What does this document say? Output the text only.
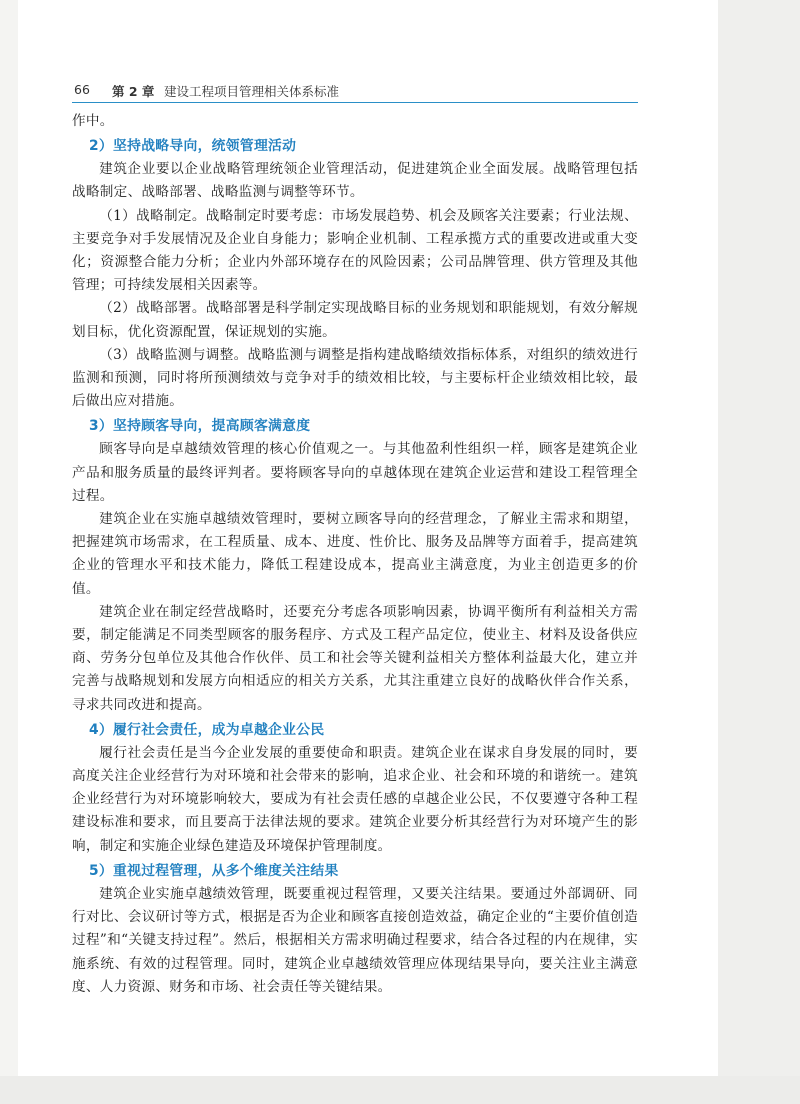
66 第 2 章 建设工程项目管理相关体系标准

作中。

2）坚持战略导向，统领管理活动

建筑企业要以企业战略管理统领企业管理活动，促进建筑企业全面发展。战略管理包括战略制定、战略部署、战略监测与调整等环节。

（1）战略制定。战略制定时要考虑：市场发展趋势、机会及顾客关注要素；行业法规、主要竞争对手发展情况及企业自身能力；影响企业机制、工程承揽方式的重要改进或重大变化；资源整合能力分析；企业内外部环境存在的风险因素；公司品牌管理、供方管理及其他管理；可持续发展相关因素等。

（2）战略部署。战略部署是科学制定实现战略目标的业务规划和职能规划，有效分解规划目标，优化资源配置，保证规划的实施。

（3）战略监测与调整。战略监测与调整是指构建战略绩效指标体系，对组织的绩效进行监测和预测，同时将所预测绩效与竞争对手的绩效相比较，与主要标杆企业绩效相比较，最后做出应对措施。

3）坚持顾客导向，提高顾客满意度

顾客导向是卓越绩效管理的核心价值观之一。与其他盈利性组织一样，顾客是建筑企业产品和服务质量的最终评判者。要将顾客导向的卓越体现在建筑企业运营和建设工程管理全过程。

建筑企业在实施卓越绩效管理时，要树立顾客导向的经营理念，了解业主需求和期望，把握建筑市场需求，在工程质量、成本、进度、性价比、服务及品牌等方面着手，提高建筑企业的管理水平和技术能力，降低工程建设成本，提高业主满意度，为业主创造更多的价值。

建筑企业在制定经营战略时，还要充分考虑各项影响因素，协调平衡所有利益相关方需要，制定能满足不同类型顾客的服务程序、方式及工程产品定位，使业主、材料及设备供应商、劳务分包单位及其他合作伙伴、员工和社会等关键利益相关方整体利益最大化，建立并完善与战略规划和发展方向相适应的相关方关系，尤其注重建立良好的战略伙伴合作关系，寻求共同改进和提高。

4）履行社会责任，成为卓越企业公民

履行社会责任是当今企业发展的重要使命和职责。建筑企业在谋求自身发展的同时，要高度关注企业经营行为对环境和社会带来的影响，追求企业、社会和环境的和谐统一。建筑企业经营行为对环境影响较大，要成为有社会责任感的卓越企业公民，不仅要遵守各种工程建设标准和要求，而且要高于法律法规的要求。建筑企业要分析其经营行为对环境产生的影响，制定和实施企业绿色建造及环境保护管理制度。

5）重视过程管理，从多个维度关注结果

建筑企业实施卓越绩效管理，既要重视过程管理，又要关注结果。要通过外部调研、同行对比、会议研讨等方式，根据是否为企业和顾客直接创造效益，确定企业的“主要价值创造过程”和“关键支持过程”。然后，根据相关方需求明确过程要求，结合各过程的内在规律，实施系统、有效的过程管理。同时，建筑企业卓越绩效管理应体现结果导向，要关注业主满意度、人力资源、财务和市场、社会责任等关键结果。
